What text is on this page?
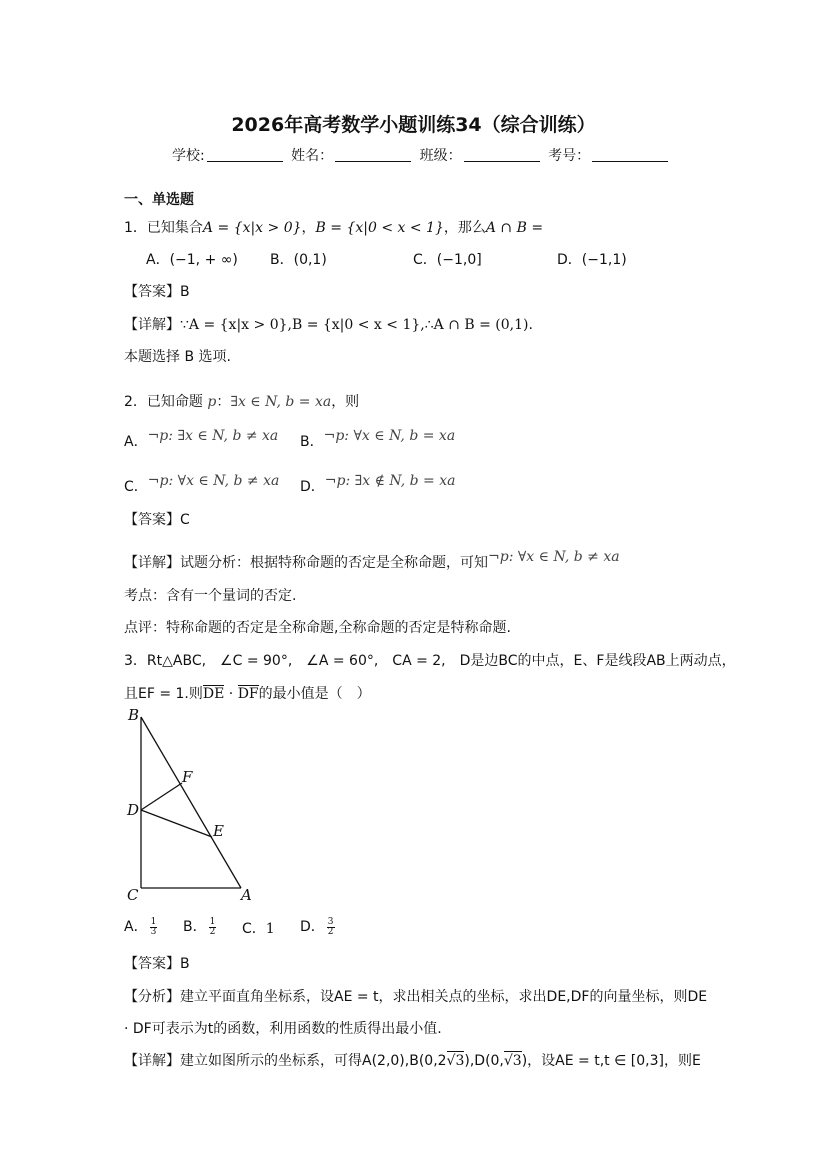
2026年高考数学小题训练34（综合训练）
学校:	姓名：	班级：	考号：
一、单选题
1．已知集合A = {x|x > 0}，B = {x|0 < x < 1}，那么A ∩ B =
A．(−1, + ∞) B．(0,1)	C．(−1,0]	D．(−1,1)
【答案】B
【详解】∵A = {x|x > 0},B = {x|0 < x < 1},∴A ∩ B = (0,1).
本题选择 B 选项.
2．已知命题 p：∃x ∈ N, b = xa，则
A．¬p: ∃x ∈ N, b ≠ xa B．¬p: ∀x ∈ N, b = xa
C．¬p: ∀x ∈ N, b ≠ xa D．¬p: ∃x ∉ N, b = xa
【答案】C
【详解】试题分析：根据特称命题的否定是全称命题，可知¬p: ∀x ∈ N, b ≠ xa
考点：含有一个量词的否定.
点评：特称命题的否定是全称命题,全称命题的否定是特称命题.
3．Rt△ABC,　∠C = 90°,　∠A = 60°,　CA = 2,　D是边BC的中点，E、F是线段AB上两动点，
且EF = 1.则DE · DF的最小值是（　）
B
F
D
E
C	A
A． $\frac{1}{3}$ B． $\frac{1}{2}$ C．1 D． $\frac{3}{2}$
【答案】B
【分析】建立平面直角坐标系，设AE = t，求出相关点的坐标，求出DE,DF的向量坐标，则DE
· DF可表示为t的函数，利用函数的性质得出最小值.
【详解】建立如图所示的坐标系，可得A(2,0),B(0,2√3),D(0,√3)，设AE = t,t ∈ [0,3]，则E
